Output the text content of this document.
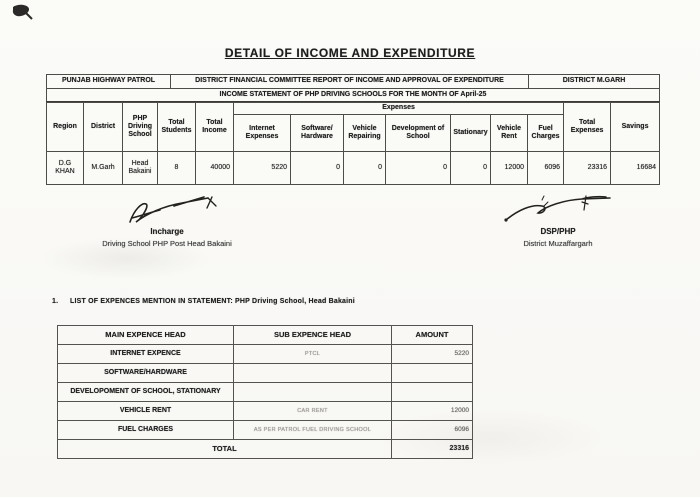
DETAIL OF INCOME AND EXPENDITURE
PUNJAB HIGHWAY PATROL	DISTRICT FINANCIAL COMMITTEE REPORT OF INCOME AND APPROVAL OF EXPENDITURE	DISTRICT M.GARH
INCOME STATEMENT OF PHP DRIVING SCHOOLS FOR THE MONTH OF April-25
Region	District	PHP Driving School	Total Students	Total Income	Expenses							Total Expenses	Savings
					Internet Expenses	Software/ Hardware	Vehicle Repairing	Development of School	Stationary	Vehicle Rent	Fuel Charges		
D.G KHAN	M.Garh	Head Bakaini	8	40000	5220	0	0	0	0	12000	6096	23316	16684
Incharge
Driving School PHP Post Head Bakaini
DSP/PHP
District Muzaffargarh
1. LIST OF EXPENCES MENTION IN STATEMENT: PHP Driving School, Head Bakaini
MAIN EXPENCE HEAD	SUB EXPENCE HEAD	AMOUNT
INTERNET EXPENCE	PTCL	5220
SOFTWARE/HARDWARE		
DEVELOPOMENT OF SCHOOL, STATIONARY		
VEHICLE RENT	CAR RENT	12000
FUEL CHARGES	AS PER PATROL FUEL DRIVING SCHOOL	6096
TOTAL		23316
